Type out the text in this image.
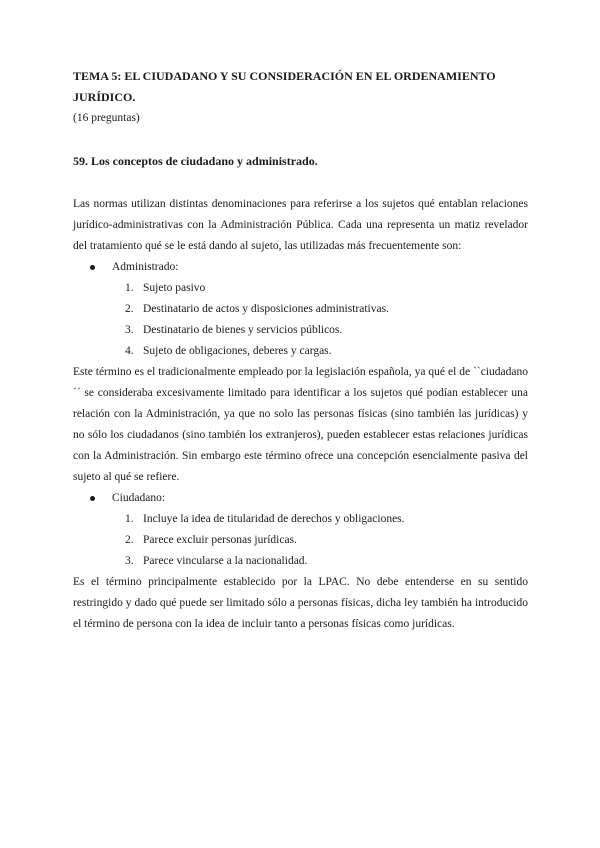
TEMA 5: EL CIUDADANO Y SU CONSIDERACIÓN EN EL ORDENAMIENTO JURÍDICO.

(16 preguntas)

59. Los conceptos de ciudadano y administrado.

Las normas utilizan distintas denominaciones para referirse a los sujetos qué entablan relaciones jurídico-administrativas con la Administración Pública. Cada una representa un matiz revelador del tratamiento qué se le está dando al sujeto, las utilizadas más frecuentemente son:

Administrado:
1. Sujeto pasivo
2. Destinatario de actos y disposiciones administrativas.
3. Destinatario de bienes y servicios públicos.
4. Sujeto de obligaciones, deberes y cargas.

Este término es el tradicionalmente empleado por la legislación española, ya qué el de ``ciudadano´´ se consideraba excesivamente limitado para identificar a los sujetos qué podían establecer una relación con la Administración, ya que no solo las personas físicas (sino también las jurídicas) y no sólo los ciudadanos (sino también los extranjeros), pueden establecer estas relaciones jurídicas con la Administración. Sin embargo este término ofrece una concepción esencialmente pasiva del sujeto al qué se refiere.

Ciudadano:
1. Incluye la idea de titularidad de derechos y obligaciones.
2. Parece excluir personas jurídicas.
3. Parece vincularse a la nacionalidad.

Es el término principalmente establecido por la LPAC. No debe entenderse en su sentido restringido y dado qué puede ser limitado sólo a personas físicas, dicha ley también ha introducido el término de persona con la idea de incluir tanto a personas físicas como jurídicas.
